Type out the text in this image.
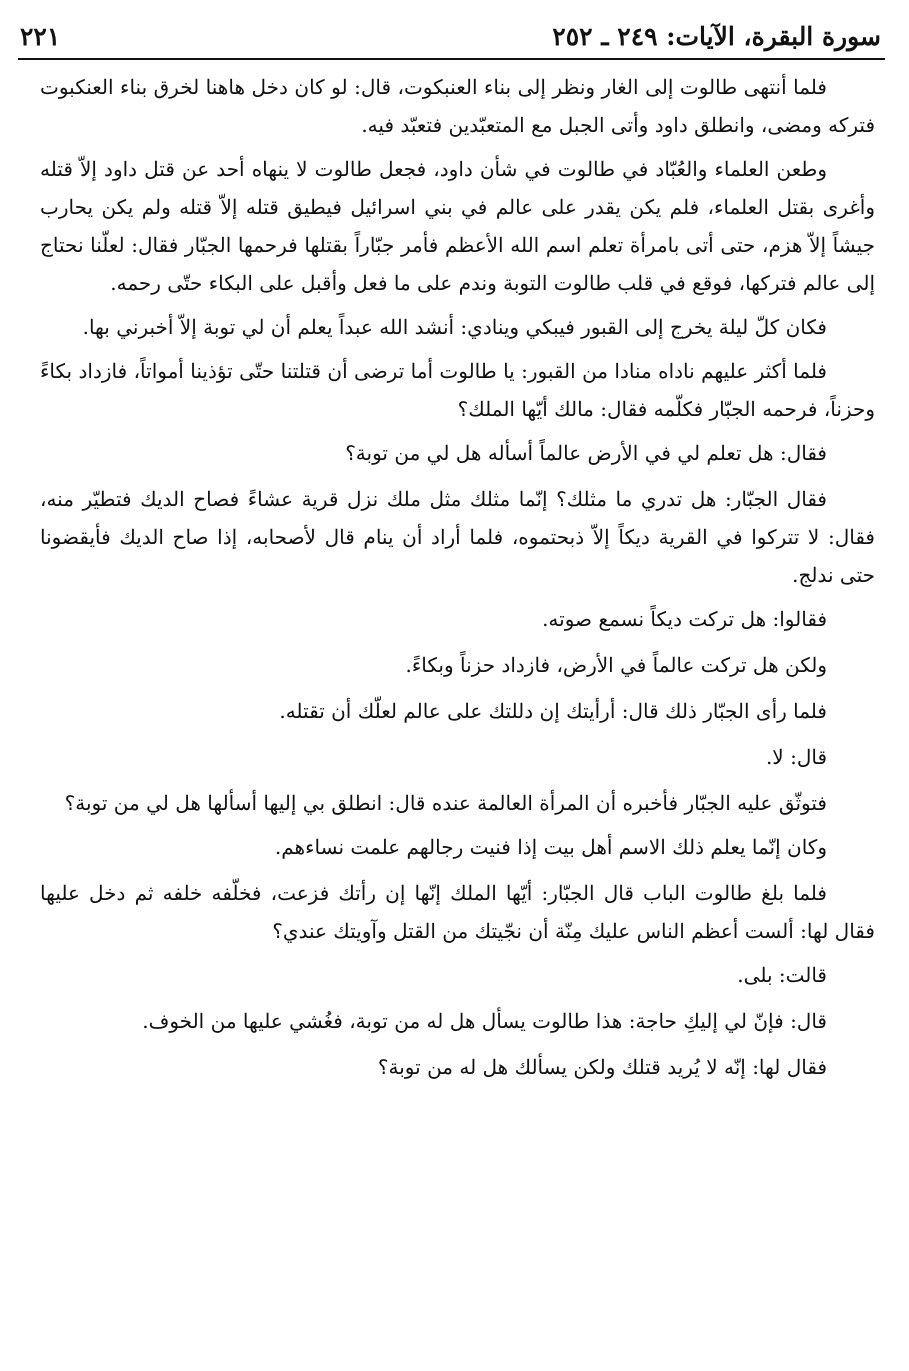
سورة البقرة، الآيات: ٢٤٩ ـ ٢٥٢
٢٢١

فلما أنتهى طالوت إلى الغار ونظر إلى بناء العنبكوت، قال: لو كان دخل هاهنا لخرق بناء العنكبوت فتركه ومضى، وانطلق داود وأتى الجبل مع المتعبّدين فتعبّد فيه.

وطعن العلماء والعُبّاد في طالوت في شأن داود، فجعل طالوت لا ينهاه أحد عن قتل داود إلاّ قتله وأغرى بقتل العلماء، فلم يكن يقدر على عالم في بني اسرائيل فيطيق قتله إلاّ قتله ولم يكن يحارب جيشاً إلاّ هزم، حتى أتى بامرأة تعلم اسم الله الأعظم فأمر جبّاراً بقتلها فرحمها الجبّار فقال: لعلّنا نحتاج إلى عالم فتركها، فوقع في قلب طالوت التوبة وندم على ما فعل وأقبل على البكاء حتّى رحمه.

فكان كلّ ليلة يخرج إلى القبور فيبكي وينادي: أنشد الله عبداً يعلم أن لي توبة إلاّ أخبرني بها.

فلما أكثر عليهم ناداه منادا من القبور: يا طالوت أما ترضى أن قتلتنا حتّى تؤذينا أمواتاً، فازداد بكاءً وحزناً، فرحمه الجبّار فكلّمه فقال: مالك أيّها الملك؟

فقال: هل تعلم لي في الأرض عالماً أسأله هل لي من توبة؟

فقال الجبّار: هل تدري ما مثلك؟ إنّما مثلك مثل ملك نزل قرية عشاءً فصاح الديك فتطيّر منه، فقال: لا تتركوا في القرية ديكاً إلاّ ذبحتموه، فلما أراد أن ينام قال لأصحابه، إذا صاح الديك فأيقضونا حتى ندلج.

فقالوا: هل تركت ديكاً نسمع صوته.

ولكن هل تركت عالماً في الأرض، فازداد حزناً وبكاءً.

فلما رأى الجبّار ذلك قال: أرأيتك إن دللتك على عالم لعلّك أن تقتله.

قال: لا.

فتوثّق عليه الجبّار فأخبره أن المرأة العالمة عنده قال: انطلق بي إليها أسألها هل لي من توبة؟

وكان إنّما يعلم ذلك الاسم أهل بيت إذا فنيت رجالهم علمت نساءهم.

فلما بلغ طالوت الباب قال الجبّار: أيّها الملك إنّها إن رأتك فزعت، فخلّفه خلفه ثم دخل عليها فقال لها: ألست أعظم الناس عليك مِنّة أن نجّيتك من القتل وآويتك عندي؟

قالت: بلى.

قال: فإنّ لي إليكِ حاجة: هذا طالوت يسأل هل له من توبة، فغُشي عليها من الخوف.

فقال لها: إنّه لا يُريد قتلك ولكن يسألك هل له من توبة؟
